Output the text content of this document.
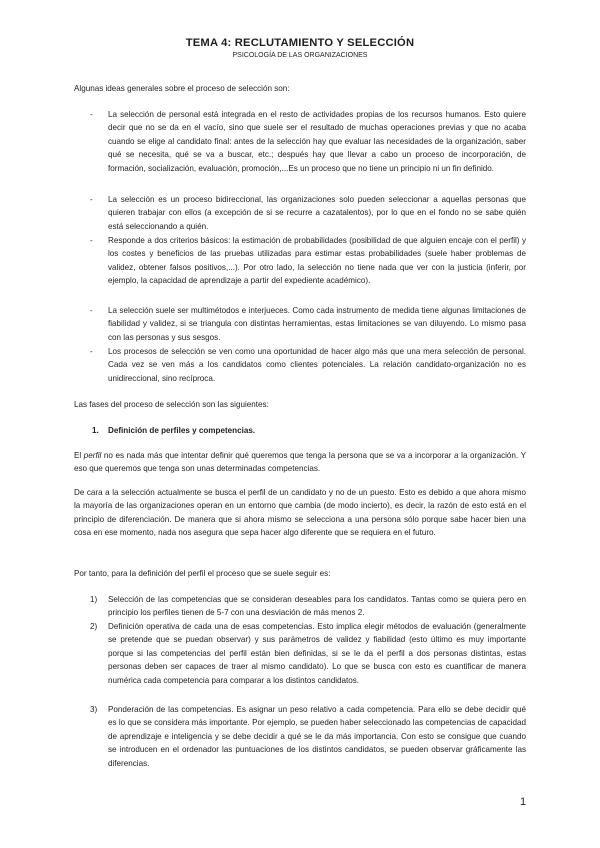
TEMA 4: RECLUTAMIENTO Y SELECCIÓN
PSICOLOGÍA DE LAS ORGANIZACIONES

Algunas ideas generales sobre el proceso de selección son:

- La selección de personal está integrada en el resto de actividades propias de los recursos humanos. Esto quiere decir que no se da en el vacío, sino que suele ser el resultado de muchas operaciones previas y que no acaba cuando se elige al candidato final: antes de la selección hay que evaluar las necesidades de la organización, saber qué se necesita, qué se va a buscar, etc.; después hay que llevar a cabo un proceso de incorporación, de formación, socialización, evaluación, promoción,...Es un proceso que no tiene un principio ni un fin definido.

- La selección es un proceso bidireccional, las organizaciones solo pueden seleccionar a aquellas personas que quieren trabajar con ellos (a excepción de si se recurre a cazatalentos), por lo que en el fondo no se sabe quién está seleccionando a quién.

- Responde a dos criterios básicos: la estimación de probabilidades (posibilidad de que alguien encaje con el perfil) y los costes y beneficios de las pruebas utilizadas para estimar estas probabilidades (suele haber problemas de validez, obtener falsos positivos,...). Por otro lado, la selección no tiene nada que ver con la justicia (inferir, por ejemplo, la capacidad de aprendizaje a partir del expediente académico).

- La selección suele ser multimétodos e interjueces. Como cada instrumento de medida tiene algunas limitaciones de fiabilidad y validez, si se triangula con distintas herramientas, estas limitaciones se van diluyendo. Lo mismo pasa con las personas y sus sesgos.

- Los procesos de selección se ven como una oportunidad de hacer algo más que una mera selección de personal. Cada vez se ven más a los candidatos como clientes potenciales. La relación candidato-organización no es unidireccional, sino recíproca.

Las fases del proceso de selección son las siguientes:

1. Definición de perfiles y competencias.

El perfil no es nada más que intentar definir qué queremos que tenga la persona que se va a incorporar a la organización. Y eso que queremos que tenga son unas determinadas competencias.

De cara a la selección actualmente se busca el perfil de un candidato y no de un puesto. Esto es debido a que ahora mismo la mayoría de las organizaciones operan en un entorno que cambia (de modo incierto), es decir, la razón de esto está en el principio de diferenciación. De manera que si ahora mismo se selecciona a una persona sólo porque sabe hacer bien una cosa en ese momento, nada nos asegura que sepa hacer algo diferente que se requiera en el futuro.

Por tanto, para la definición del perfil el proceso que se suele seguir es:

1) Selección de las competencias que se consideran deseables para los candidatos. Tantas como se quiera pero en principio los perfiles tienen de 5-7 con una desviación de más menos 2.

2) Definición operativa de cada una de esas competencias. Esto implica elegir métodos de evaluación (generalmente se pretende que se puedan observar) y sus parámetros de validez y fiabilidad (esto último es muy importante porque si las competencias del perfil están bien definidas, si se le da el perfil a dos personas distintas, estas personas deben ser capaces de traer al mismo candidato). Lo que se busca con esto es cuantificar de manera numérica cada competencia para comparar a los distintos candidatos.

3) Ponderación de las competencias. Es asignar un peso relativo a cada competencia. Para ello se debe decidir qué es lo que se considera más importante. Por ejemplo, se pueden haber seleccionado las competencias de capacidad de aprendizaje e inteligencia y se debe decidir a qué se le da más importancia. Con esto se consigue que cuando se introducen en el ordenador las puntuaciones de los distintos candidatos, se pueden observar gráficamente las diferencias.

1
